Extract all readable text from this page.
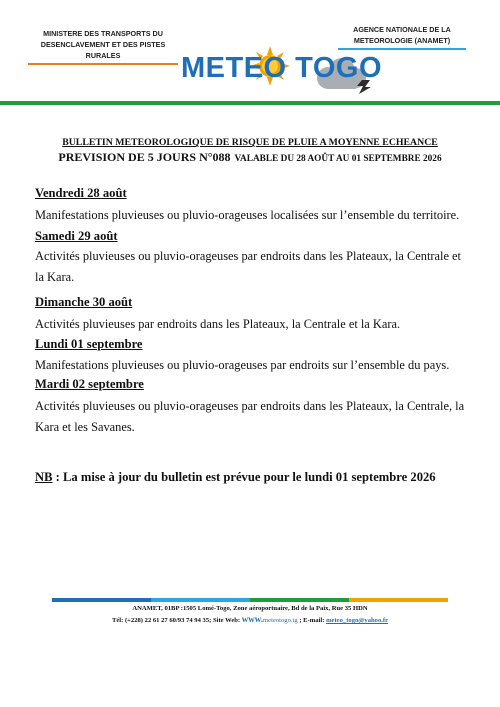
MINISTERE DES TRANSPORTS DU
DESENCLAVEMENT ET DES PISTES RURALES
AGENCE NATIONALE DE LA
METEOROLOGIE (ANAMET)
METEO TOGO
BULLETIN METEOROLOGIQUE DE RISQUE DE PLUIE A MOYENNE ECHEANCE
PREVISION DE 5 JOURS N°088 VALABLE DU 28 AOÛT AU 01 SEPTEMBRE 2026
Vendredi 28 août
Manifestations pluvieuses ou pluvio-orageuses localisées sur l’ensemble du territoire.
Samedi 29 août
Activités pluvieuses ou pluvio-orageuses par endroits dans les Plateaux, la Centrale et la Kara.
Dimanche 30 août
Activités pluvieuses par endroits dans les Plateaux, la Centrale et la Kara.
Lundi 01 septembre
Manifestations pluvieuses ou pluvio-orageuses par endroits sur l’ensemble du pays.
Mardi 02 septembre
Activités pluvieuses ou pluvio-orageuses par endroits dans les Plateaux, la Centrale, la Kara et les Savanes.
NB : La mise à jour du bulletin est prévue pour le lundi 01 septembre 2026
ANAMET, 01BP :1505 Lomé-Togo, Zone aéroportuaire, Bd de la Paix, Rue 35 HDN
Tél: (+228) 22 61 27 60/93 74 94 35; Site Web: www.meteotogo.tg ; E-mail: meteo_togo@yahoo.fr
